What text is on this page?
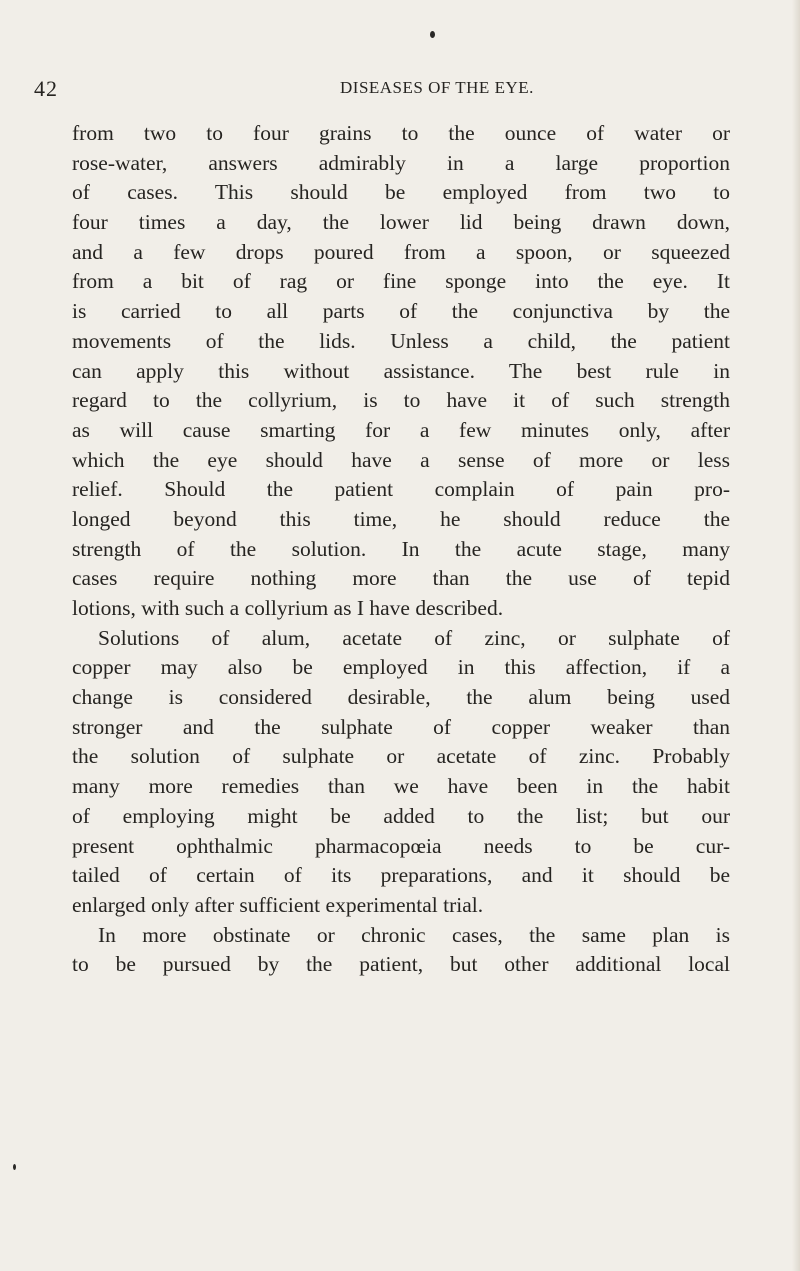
42	DISEASES OF THE EYE.
from two to four grains to the ounce of water or
rose-water, answers admirably in a large proportion
of cases. This should be employed from two to
four times a day, the lower lid being drawn down,
and a few drops poured from a spoon, or squeezed
from a bit of rag or fine sponge into the eye. It
is carried to all parts of the conjunctiva by the
movements of the lids. Unless a child, the patient
can apply this without assistance. The best rule in
regard to the collyrium, is to have it of such strength
as will cause smarting for a few minutes only, after
which the eye should have a sense of more or less
relief. Should the patient complain of pain pro-
longed beyond this time, he should reduce the
strength of the solution. In the acute stage, many
cases require nothing more than the use of tepid
lotions, with such a collyrium as I have described.
Solutions of alum, acetate of zinc, or sulphate of
copper may also be employed in this affection, if a
change is considered desirable, the alum being used
stronger and the sulphate of copper weaker than
the solution of sulphate or acetate of zinc. Probably
many more remedies than we have been in the habit
of employing might be added to the list; but our
present ophthalmic pharmacopœia needs to be cur-
tailed of certain of its preparations, and it should be
enlarged only after sufficient experimental trial.
In more obstinate or chronic cases, the same plan is
to be pursued by the patient, but other additional local
